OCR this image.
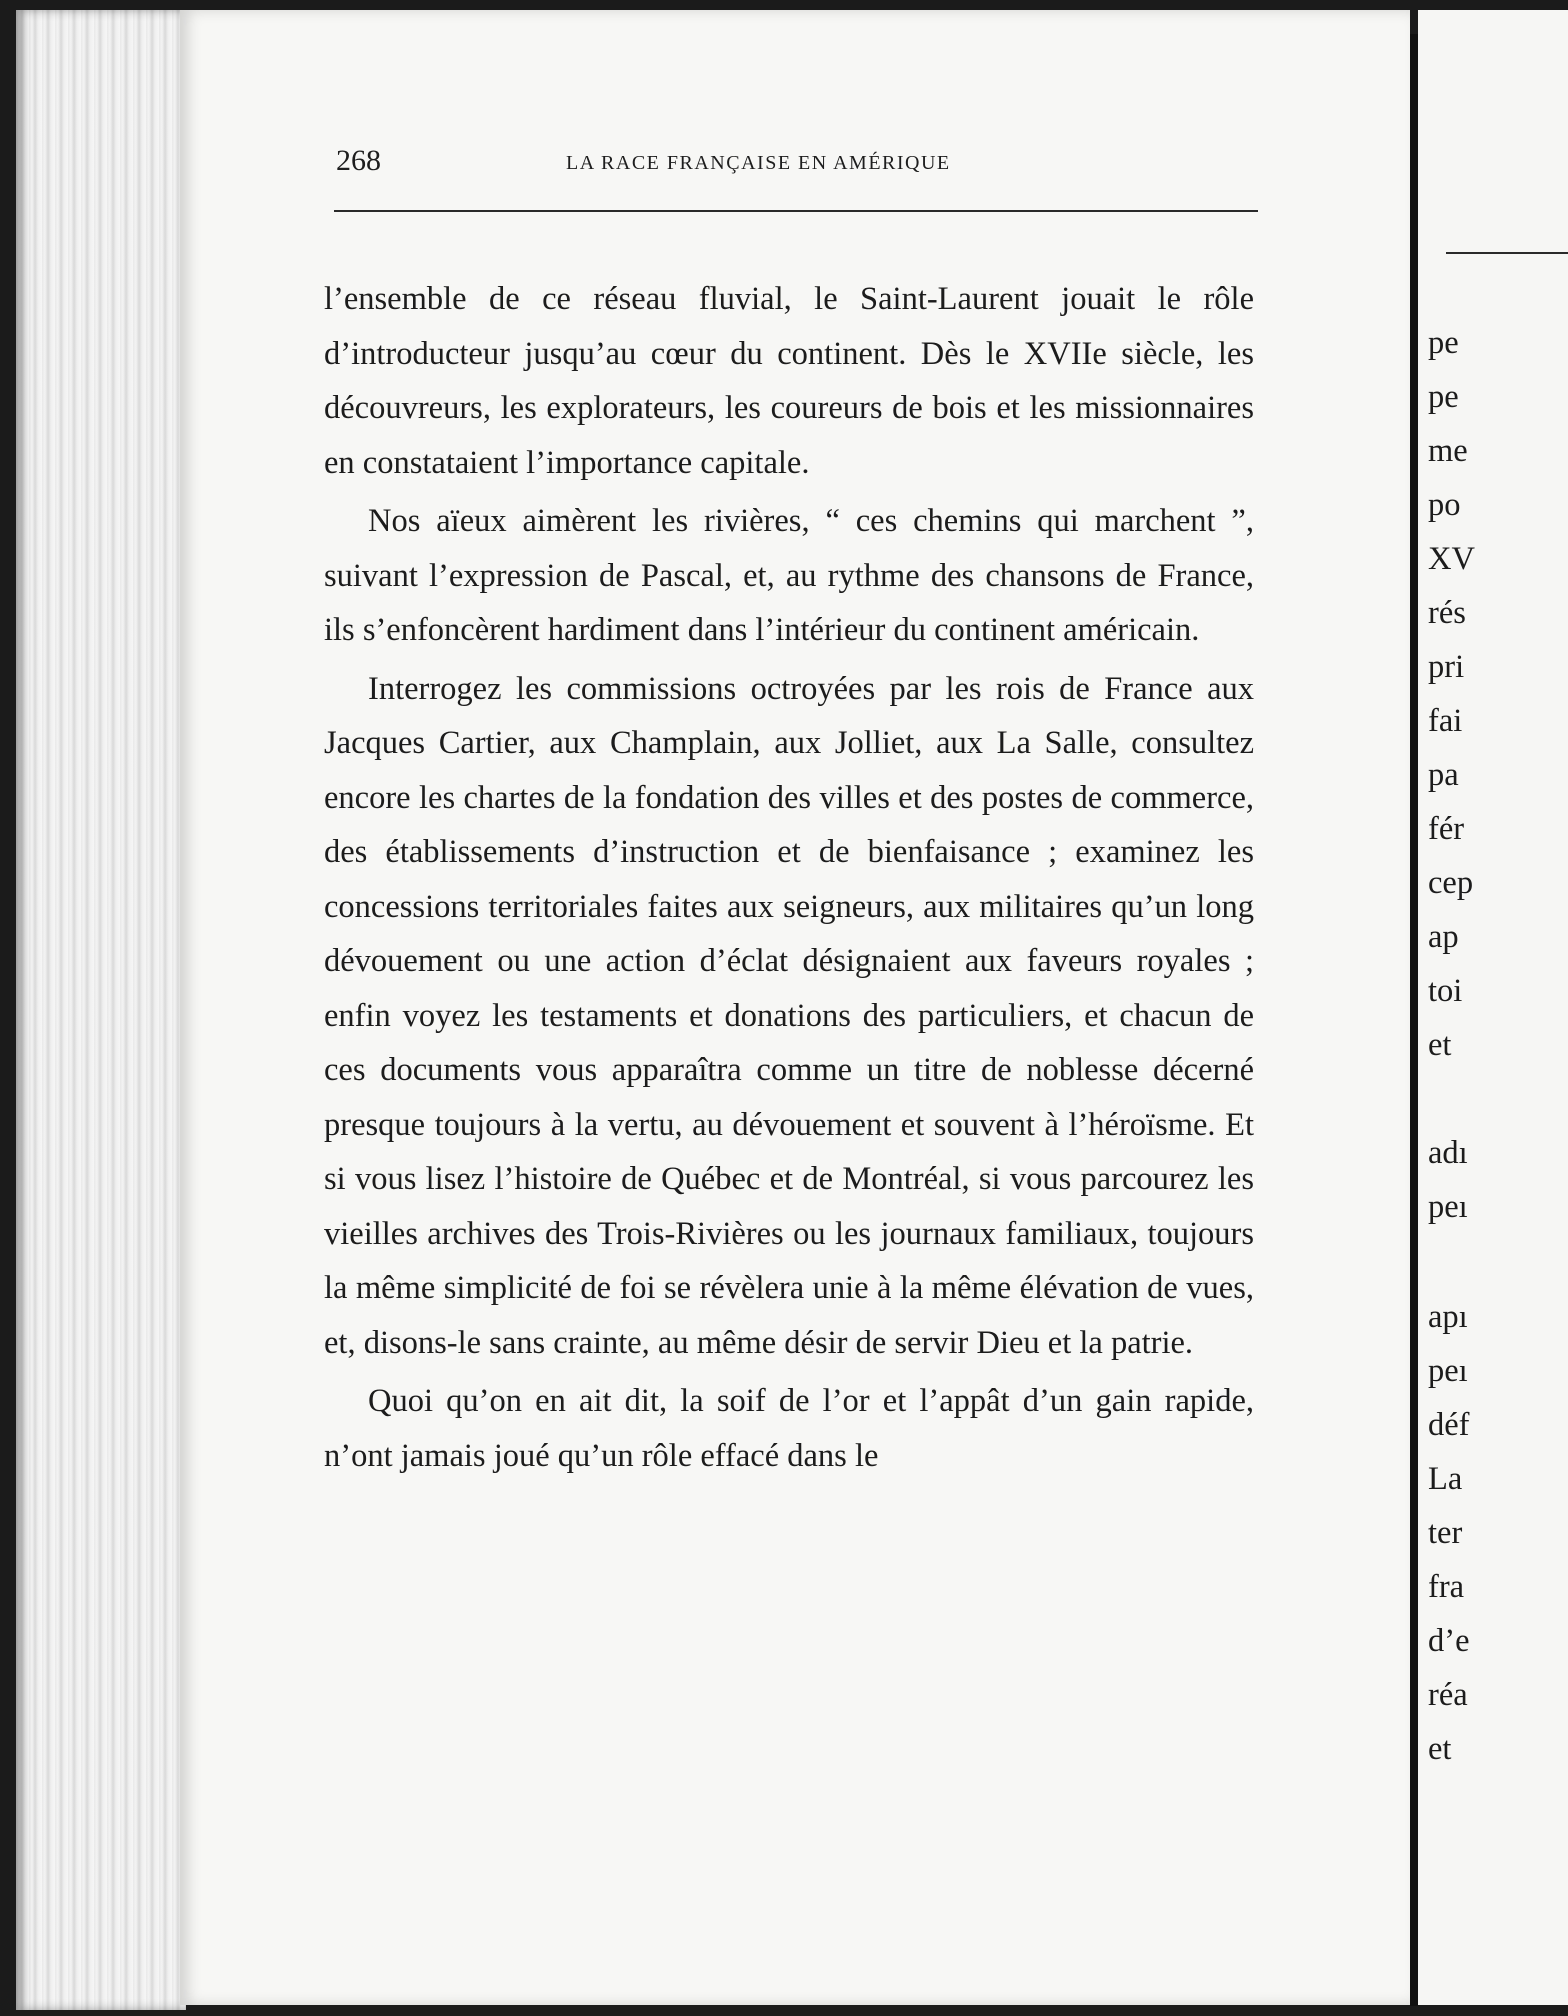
268	LA RACE FRANÇAISE EN AMÉRIQUE

l’ensemble de ce réseau fluvial, le Saint-Laurent jouait le rôle d’introducteur jusqu’au cœur du continent. Dès le XVIIe siècle, les découvreurs, les explorateurs, les coureurs de bois et les missionnaires en constataient l’importance capitale.

Nos aïeux aimèrent les rivières, “ ces chemins qui marchent ”, suivant l’expression de Pascal, et, au rythme des chansons de France, ils s’enfoncèrent hardiment dans l’intérieur du continent américain.

Interrogez les commissions octroyées par les rois de France aux Jacques Cartier, aux Champlain, aux Jolliet, aux La Salle, consultez encore les chartes de la fondation des villes et des postes de commerce, des établissements d’instruction et de bienfaisance ; examinez les concessions territoriales faites aux seigneurs, aux militaires qu’un long dévouement ou une action d’éclat désignaient aux faveurs royales ; enfin voyez les testaments et donations des particuliers, et chacun de ces documents vous apparaîtra comme un titre de noblesse décerné presque toujours à la vertu, au dévouement et souvent à l’héroïsme. Et si vous lisez l’histoire de Québec et de Montréal, si vous parcourez les vieilles archives des Trois-Rivières ou les journaux familiaux, toujours la même simplicité de foi se révèlera unie à la même élévation de vues, et, disons-le sans crainte, au même désir de servir Dieu et la patrie.

Quoi qu’on en ait dit, la soif de l’or et l’appât d’un gain rapide, n’ont jamais joué qu’un rôle effacé dans le

pe
pe
me
po
XV
rés
pri
fai
pa
fér
cep
ap
toi
et
adı
peı
apı
peı
déf
La
ter
fra
d’e
réa
et
